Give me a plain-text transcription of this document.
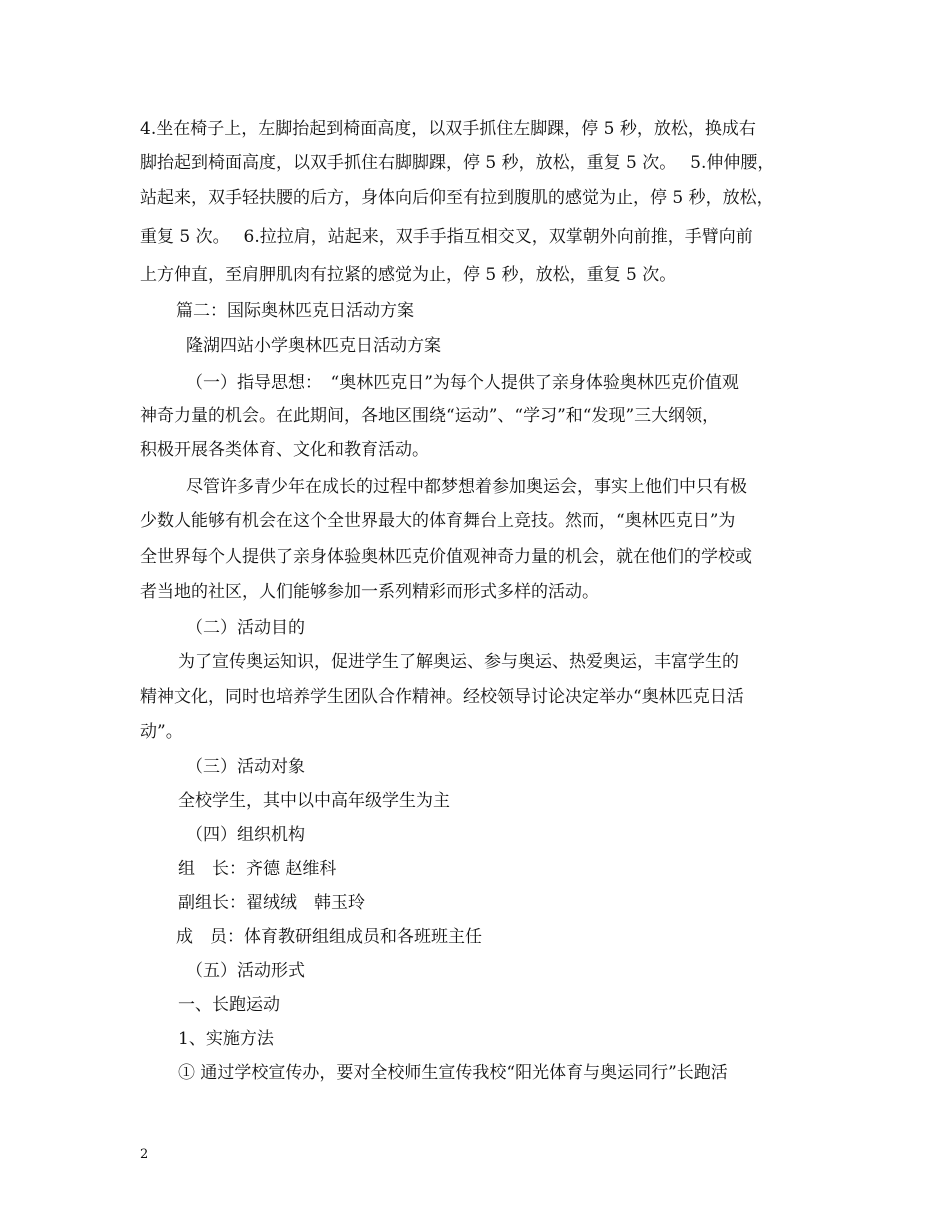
4.坐在椅子上，左脚抬起到椅面高度，以双手抓住左脚踝，停 5 秒，放松，换成右
脚抬起到椅面高度，以双手抓住右脚脚踝，停 5 秒，放松，重复 5 次。　 5.伸伸腰，
站起来，双手轻扶腰的后方，身体向后仰至有拉到腹肌的感觉为止，停 5 秒，放松，
重复 5 次。　 6.拉拉肩，站起来，双手手指互相交叉，双掌朝外向前推，手臂向前
上方伸直，至肩胛肌肉有拉紧的感觉为止，停 5 秒，放松，重复 5 次。
篇二：国际奥林匹克日活动方案
隆湖四站小学奥林匹克日活动方案
（一）指导思想：　“奥林匹克日”为每个人提供了亲身体验奥林匹克价值观
神奇力量的机会。在此期间，各地区围绕“运动”、“学习”和“发现”三大纲领，
积极开展各类体育、文化和教育活动。
尽管许多青少年在成长的过程中都梦想着参加奥运会，事实上他们中只有极
少数人能够有机会在这个全世界最大的体育舞台上竞技。然而，“奥林匹克日”为
全世界每个人提供了亲身体验奥林匹克价值观神奇力量的机会，就在他们的学校或
者当地的社区，人们能够参加一系列精彩而形式多样的活动。
（二）活动目的
为了宣传奥运知识，促进学生了解奥运、参与奥运、热爱奥运，丰富学生的
精神文化，同时也培养学生团队合作精神。经校领导讨论决定举办“奥林匹克日活
动”。
（三）活动对象
全校学生，其中以中高年级学生为主
（四）组织机构
组　长：齐德 赵维科
副组长：翟绒绒　韩玉玲
成　员：体育教研组组成员和各班班主任
（五）活动形式
一、长跑运动
1、实施方法
① 通过学校宣传办，要对全校师生宣传我校“阳光体育与奥运同行”长跑活
2
